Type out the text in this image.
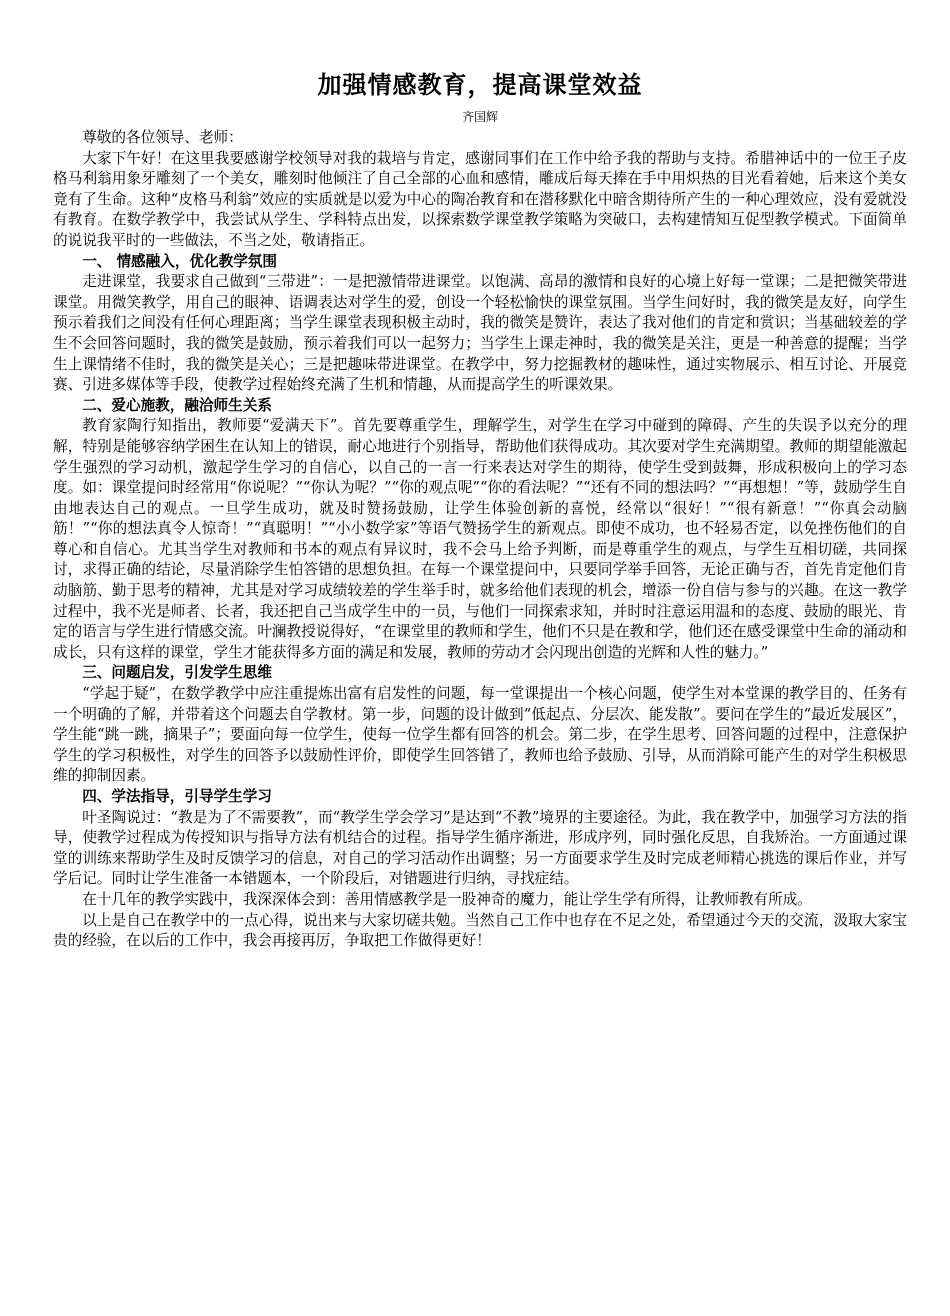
加强情感教育，提高课堂效益
齐国辉

尊敬的各位领导、老师：

大家下午好！在这里我要感谢学校领导对我的栽培与肯定，感谢同事们在工作中给予我的帮助与支持。希腊神话中的一位王子皮格马利翁用象牙雕刻了一个美女，雕刻时他倾注了自己全部的心血和感情，雕成后每天捧在手中用炽热的目光看着她，后来这个美女竟有了生命。这种“皮格马利翁”效应的实质就是以爱为中心的陶冶教育和在潜移默化中暗含期待所产生的一种心理效应，没有爱就没有教育。在数学教学中，我尝试从学生、学科特点出发，以探索数学课堂教学策略为突破口，去构建情知互促型教学模式。下面简单的说说我平时的一些做法，不当之处，敬请指正。

一、 情感融入，优化教学氛围

走进课堂，我要求自己做到“三带进”：一是把激情带进课堂。以饱满、高昂的激情和良好的心境上好每一堂课；二是把微笑带进课堂。用微笑教学，用自己的眼神、语调表达对学生的爱，创设一个轻松愉快的课堂氛围。当学生问好时，我的微笑是友好，向学生预示着我们之间没有任何心理距离；当学生课堂表现积极主动时，我的微笑是赞许，表达了我对他们的肯定和赏识；当基础较差的学生不会回答问题时，我的微笑是鼓励，预示着我们可以一起努力；当学生上课走神时，我的微笑是关注，更是一种善意的提醒；当学生上课情绪不佳时，我的微笑是关心；三是把趣味带进课堂。在教学中，努力挖掘教材的趣味性，通过实物展示、相互讨论、开展竞赛、引进多媒体等手段，使教学过程始终充满了生机和情趣，从而提高学生的听课效果。

二、爱心施教，融洽师生关系

教育家陶行知指出，教师要“爱满天下”。首先要尊重学生，理解学生，对学生在学习中碰到的障碍、产生的失误予以充分的理解，特别是能够容纳学困生在认知上的错误，耐心地进行个别指导，帮助他们获得成功。其次要对学生充满期望。教师的期望能激起学生强烈的学习动机，激起学生学习的自信心，以自己的一言一行来表达对学生的期待，使学生受到鼓舞，形成积极向上的学习态度。如：课堂提问时经常用“你说呢？”“你认为呢？”“你的观点呢”“你的看法呢？”“还有不同的想法吗？”“再想想！”等，鼓励学生自由地表达自己的观点。一旦学生成功，就及时赞扬鼓励，让学生体验创新的喜悦，经常以“很好！”“很有新意！”“你真会动脑筋！”“你的想法真令人惊奇！”“真聪明！”“小小数学家”等语气赞扬学生的新观点。即使不成功，也不轻易否定，以免挫伤他们的自尊心和自信心。尤其当学生对教师和书本的观点有异议时，我不会马上给予判断，而是尊重学生的观点，与学生互相切磋，共同探讨，求得正确的结论，尽量消除学生怕答错的思想负担。在每一个课堂提问中，只要同学举手回答，无论正确与否，首先肯定他们肯动脑筋、勤于思考的精神，尤其是对学习成绩较差的学生举手时，就多给他们表现的机会，增添一份自信与参与的兴趣。在这一教学过程中，我不光是师者、长者，我还把自己当成学生中的一员，与他们一同探索求知，并时时注意运用温和的态度、鼓励的眼光、肯定的语言与学生进行情感交流。叶澜教授说得好，“在课堂里的教师和学生，他们不只是在教和学，他们还在感受课堂中生命的涌动和成长，只有这样的课堂，学生才能获得多方面的满足和发展，教师的劳动才会闪现出创造的光辉和人性的魅力。”

三、问题启发，引发学生思维

“学起于疑”，在数学教学中应注重提炼出富有启发性的问题，每一堂课提出一个核心问题，使学生对本堂课的教学目的、任务有一个明确的了解，并带着这个问题去自学教材。第一步，问题的设计做到“低起点、分层次、能发散”。要问在学生的“最近发展区”，学生能“跳一跳，摘果子”；要面向每一位学生，使每一位学生都有回答的机会。第二步，在学生思考、回答问题的过程中，注意保护学生的学习积极性，对学生的回答予以鼓励性评价，即使学生回答错了，教师也给予鼓励、引导，从而消除可能产生的对学生积极思维的抑制因素。

四、学法指导，引导学生学习

叶圣陶说过：“教是为了不需要教”，而“教学生学会学习”是达到“不教”境界的主要途径。为此，我在教学中，加强学习方法的指导，使教学过程成为传授知识与指导方法有机结合的过程。指导学生循序渐进，形成序列，同时强化反思，自我矫治。一方面通过课堂的训练来帮助学生及时反馈学习的信息，对自己的学习活动作出调整；另一方面要求学生及时完成老师精心挑选的课后作业，并写学后记。同时让学生准备一本错题本，一个阶段后，对错题进行归纳，寻找症结。

在十几年的教学实践中，我深深体会到：善用情感教学是一股神奇的魔力，能让学生学有所得，让教师教有所成。

以上是自己在教学中的一点心得，说出来与大家切磋共勉。当然自己工作中也存在不足之处，希望通过今天的交流，汲取大家宝贵的经验，在以后的工作中，我会再接再厉，争取把工作做得更好！
